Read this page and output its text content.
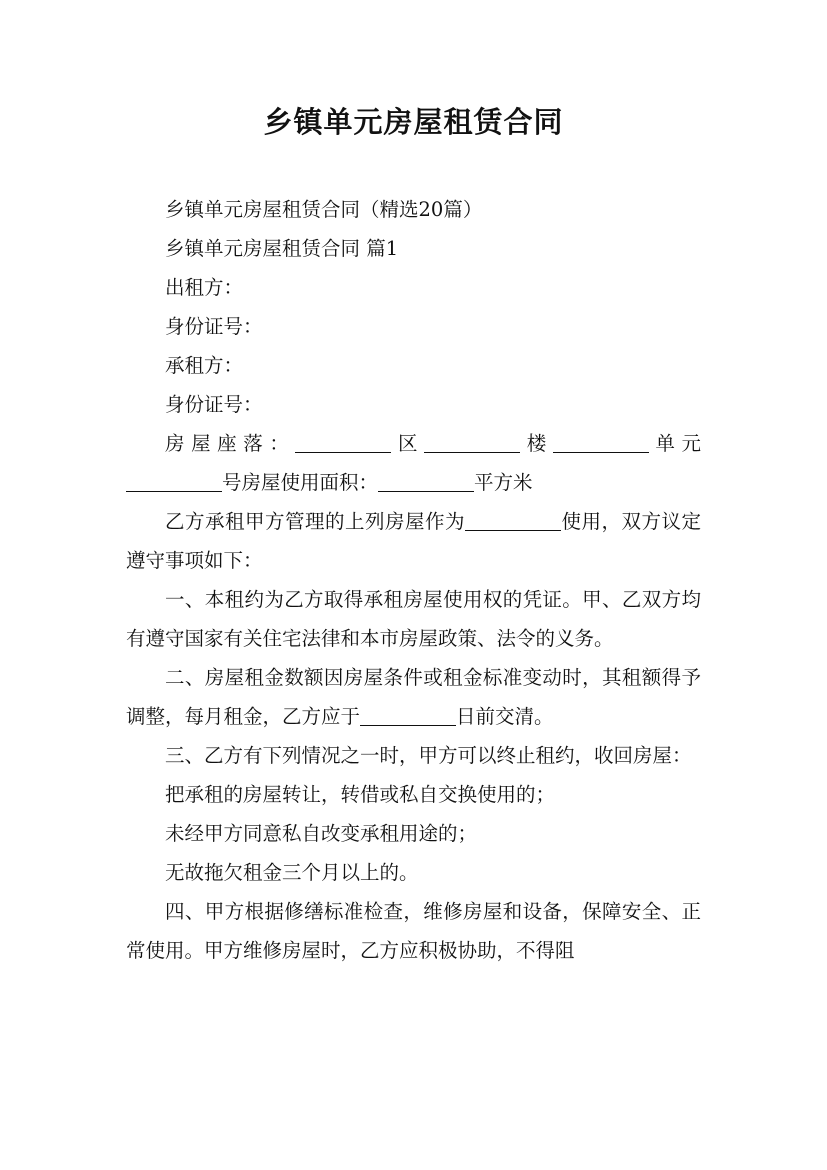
乡镇单元房屋租赁合同

乡镇单元房屋租赁合同（精选20篇）

乡镇单元房屋租赁合同 篇1

出租方：

身份证号：

承租方：

身份证号：

房屋座落：	区	楼	单元号房屋使用面积：	平方米

乙方承租甲方管理的上列房屋作为	使用，双方议定遵守事项如下：

一、本租约为乙方取得承租房屋使用权的凭证。甲、乙双方均有遵守国家有关住宅法律和本市房屋政策、法令的义务。

二、房屋租金数额因房屋条件或租金标准变动时，其租额得予调整，每月租金，乙方应于	日前交清。

三、乙方有下列情况之一时，甲方可以终止租约，收回房屋：

把承租的房屋转让，转借或私自交换使用的；

未经甲方同意私自改变承租用途的；

无故拖欠租金三个月以上的。

四、甲方根据修缮标准检查，维修房屋和设备，保障安全、正常使用。甲方维修房屋时，乙方应积极协助，不得阻
